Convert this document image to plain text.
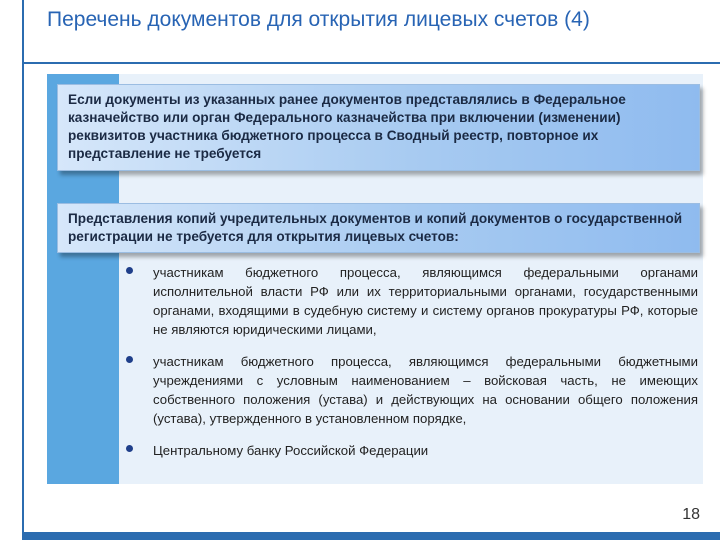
Перечень документов для открытия лицевых счетов (4)
Если документы из указанных ранее документов представлялись в Федеральное казначейство или орган Федерального казначейства при включении (изменении) реквизитов участника бюджетного процесса в Сводный реестр, повторное их представление не требуется
Представления копий учредительных документов и копий документов о государственной регистрации не требуется для открытия лицевых счетов:
участникам бюджетного процесса, являющимся федеральными органами исполнительной власти РФ или их территориальными органами, государственными органами, входящими в судебную систему и систему органов прокуратуры РФ, которые не являются юридическими лицами,
участникам бюджетного процесса, являющимся федеральными бюджетными учреждениями с условным наименованием – войсковая часть, не имеющих собственного положения (устава) и действующих на основании общего положения (устава), утвержденного в установленном порядке,
Центральному банку Российской Федерации
18
